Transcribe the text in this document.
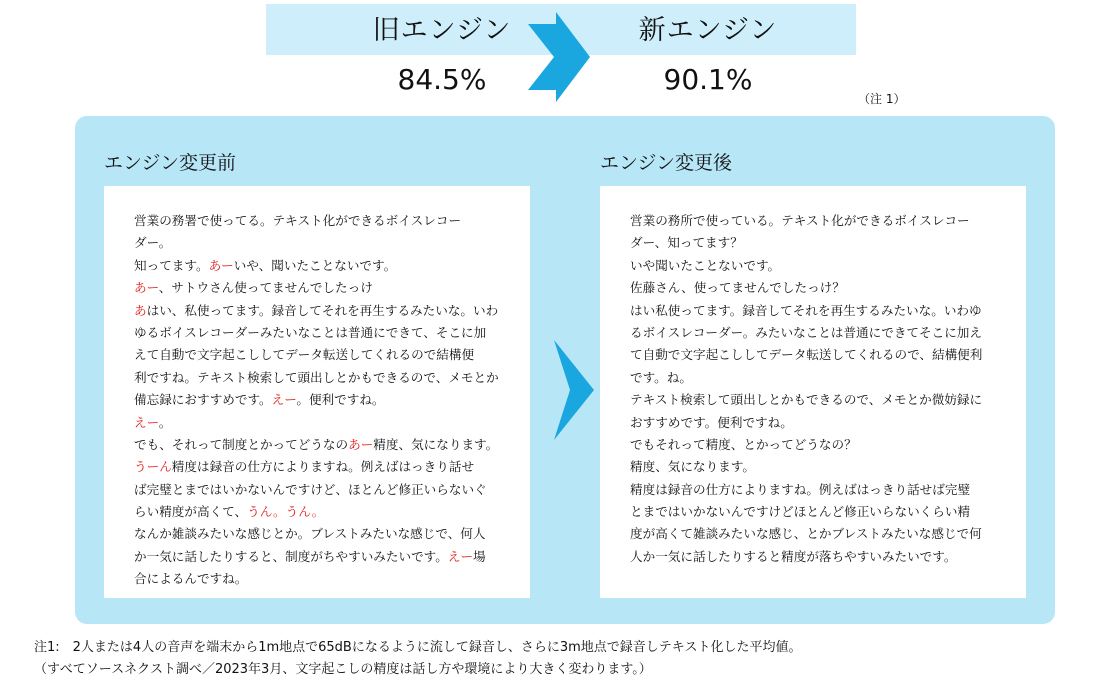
旧エンジン	新エンジン
84.5%	90.1%
（注 1）
エンジン変更前	エンジン変更後
営業の務署で使ってる。テキスト化ができるボイスレコー
ダー。
知ってます。あーいや、聞いたことないです。
あー、サトウさん使ってませんでしたっけ
あはい、私使ってます。録音してそれを再生するみたいな。いわ
ゆるボイスレコーダーみたいなことは普通にできて、そこに加
えて自動で文字起こししてデータ転送してくれるので結構便
利ですね。テキスト検索して頭出しとかもできるので、メモとか
備忘録におすすめです。えー。便利ですね。
えー。
でも、それって制度とかってどうなのあー精度、気になります。
うーん精度は録音の仕方によりますね。例えばはっきり話せ
ば完璧とまではいかないんですけど、ほとんど修正いらないぐ
らい精度が高くて、うん。うん。
なんか雑談みたいな感じとか。ブレストみたいな感じで、何人
か一気に話したりすると、制度がちやすいみたいです。えー場
合によるんですね。
営業の務所で使っている。テキスト化ができるボイスレコー
ダー、知ってます？
いや聞いたことないです。
佐藤さん、使ってませんでしたっけ？
はい私使ってます。録音してそれを再生するみたいな。いわゆ
るボイスレコーダー。みたいなことは普通にできてそこに加え
て自動で文字起こししてデータ転送してくれるので、結構便利
です。ね。
テキスト検索して頭出しとかもできるので、メモとか微妨録に
おすすめです。便利ですね。
でもそれって精度、とかってどうなの？
精度、気になります。
精度は録音の仕方によりますね。例えばはっきり話せば完璧
とまではいかないんですけどほとんど修正いらないくらい精
度が高くて雑談みたいな感じ、とかブレストみたいな感じで何
人か一気に話したりすると精度が落ちやすいみたいです。
注1:　2人または4人の音声を端末から1m地点で65dBになるように流して録音し、さらに3m地点で録音しテキスト化した平均値。
（すべてソースネクスト調べ／2023年3月、文字起こしの精度は話し方や環境により大きく変わります。）
